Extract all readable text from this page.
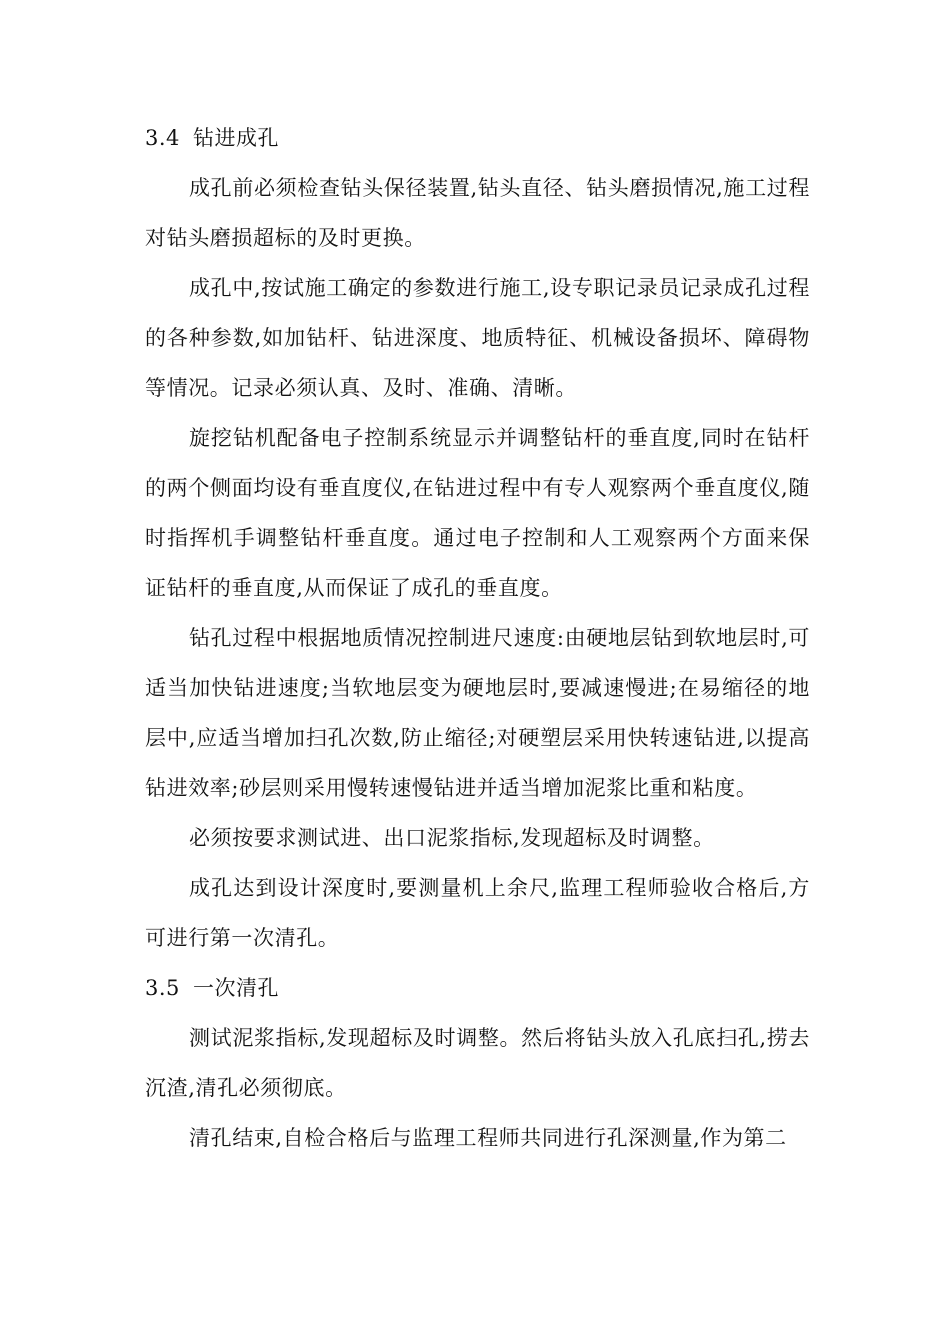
3.4 钻进成孔

成孔前必须检查钻头保径装置,钻头直径、钻头磨损情况,施工过程对钻头磨损超标的及时更换。

成孔中,按试施工确定的参数进行施工,设专职记录员记录成孔过程的各种参数,如加钻杆、钻进深度、地质特征、机械设备损坏、障碍物等情况。记录必须认真、及时、准确、清晰。

旋挖钻机配备电子控制系统显示并调整钻杆的垂直度,同时在钻杆的两个侧面均设有垂直度仪,在钻进过程中有专人观察两个垂直度仪,随时指挥机手调整钻杆垂直度。通过电子控制和人工观察两个方面来保证钻杆的垂直度,从而保证了成孔的垂直度。

钻孔过程中根据地质情况控制进尺速度:由硬地层钻到软地层时,可适当加快钻进速度;当软地层变为硬地层时,要减速慢进;在易缩径的地层中,应适当增加扫孔次数,防止缩径;对硬塑层采用快转速钻进,以提高钻进效率;砂层则采用慢转速慢钻进并适当增加泥浆比重和粘度。

必须按要求测试进、出口泥浆指标,发现超标及时调整。

成孔达到设计深度时,要测量机上余尺,监理工程师验收合格后,方可进行第一次清孔。

3.5 一次清孔

测试泥浆指标,发现超标及时调整。然后将钻头放入孔底扫孔,捞去沉渣,清孔必须彻底。

清孔结束,自检合格后与监理工程师共同进行孔深测量,作为第二
